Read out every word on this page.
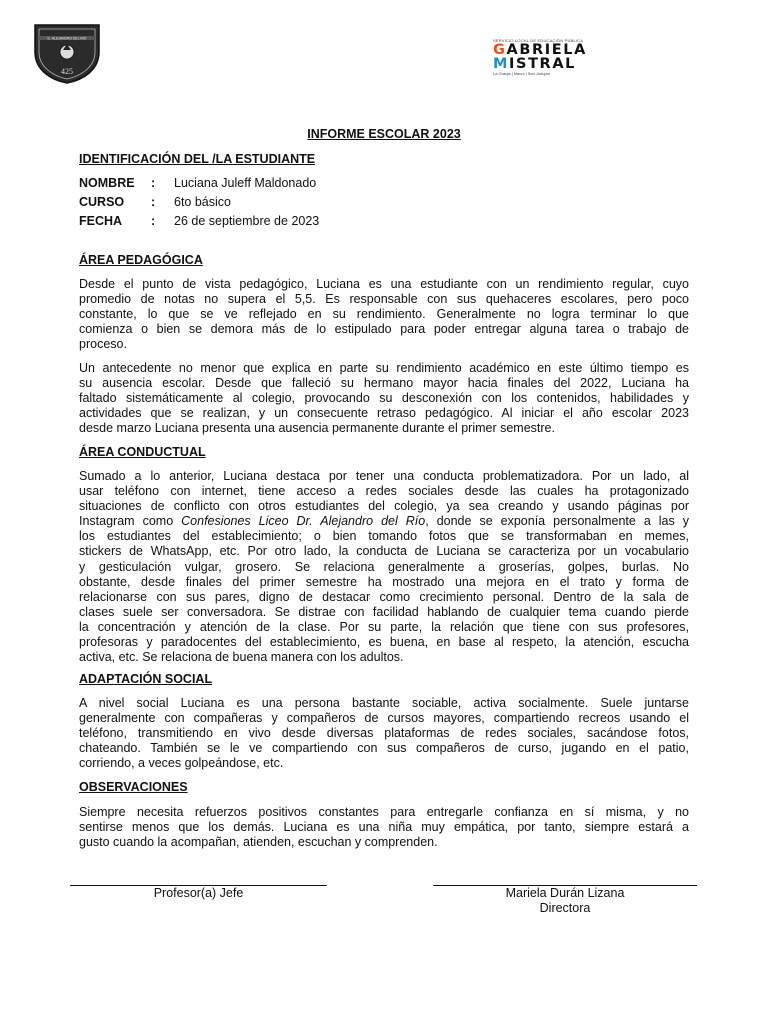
D. ALEJANDRO DEL RIO
425
SERVICIO LOCAL DE EDUCACIÓN PÚBLICA
GABRIELA
MISTRAL
La Granja | Macul | San Joaquín
INFORME ESCOLAR 2023
IDENTIFICACIÓN DEL /LA ESTUDIANTE
NOMBRE : Luciana Juleff Maldonado
CURSO : 6to básico
FECHA : 26 de septiembre de 2023
ÁREA PEDAGÓGICA
Desde el punto de vista pedagógico, Luciana es una estudiante con un rendimiento regular, cuyo
promedio de notas no supera el 5,5. Es responsable con sus quehaceres escolares, pero poco
constante, lo que se ve reflejado en su rendimiento. Generalmente no logra terminar lo que
comienza o bien se demora más de lo estipulado para poder entregar alguna tarea o trabajo de
proceso.
Un antecedente no menor que explica en parte su rendimiento académico en este último tiempo es
su ausencia escolar. Desde que falleció su hermano mayor hacia finales del 2022, Luciana ha
faltado sistemáticamente al colegio, provocando su desconexión con los contenidos, habilidades y
actividades que se realizan, y un consecuente retraso pedagógico. Al iniciar el año escolar 2023
desde marzo Luciana presenta una ausencia permanente durante el primer semestre.
ÁREA CONDUCTUAL
Sumado a lo anterior, Luciana destaca por tener una conducta problematizadora. Por un lado, al
usar teléfono con internet, tiene acceso a redes sociales desde las cuales ha protagonizado
situaciones de conflicto con otros estudiantes del colegio, ya sea creando y usando páginas por
Instagram como Confesiones Liceo Dr. Alejandro del Río, donde se exponía personalmente a las y
los estudiantes del establecimiento; o bien tomando fotos que se transformaban en memes,
stickers de WhatsApp, etc. Por otro lado, la conducta de Luciana se caracteriza por un vocabulario
y gesticulación vulgar, grosero. Se relaciona generalmente a groserías, golpes, burlas. No
obstante, desde finales del primer semestre ha mostrado una mejora en el trato y forma de
relacionarse con sus pares, digno de destacar como crecimiento personal. Dentro de la sala de
clases suele ser conversadora. Se distrae con facilidad hablando de cualquier tema cuando pierde
la concentración y atención de la clase. Por su parte, la relación que tiene con sus profesores,
profesoras y paradocentes del establecimiento, es buena, en base al respeto, la atención, escucha
activa, etc. Se relaciona de buena manera con los adultos.
ADAPTACIÓN SOCIAL
A nivel social Luciana es una persona bastante sociable, activa socialmente. Suele juntarse
generalmente con compañeras y compañeros de cursos mayores, compartiendo recreos usando el
teléfono, transmitiendo en vivo desde diversas plataformas de redes sociales, sacándose fotos,
chateando. También se le ve compartiendo con sus compañeros de curso, jugando en el patio,
corriendo, a veces golpeándose, etc.
OBSERVACIONES
Siempre necesita refuerzos positivos constantes para entregarle confianza en sí misma, y no
sentirse menos que los demás. Luciana es una niña muy empática, por tanto, siempre estará a
gusto cuando la acompañan, atienden, escuchan y comprenden.
Profesor(a) Jefe	Mariela Durán Lizana
Directora
